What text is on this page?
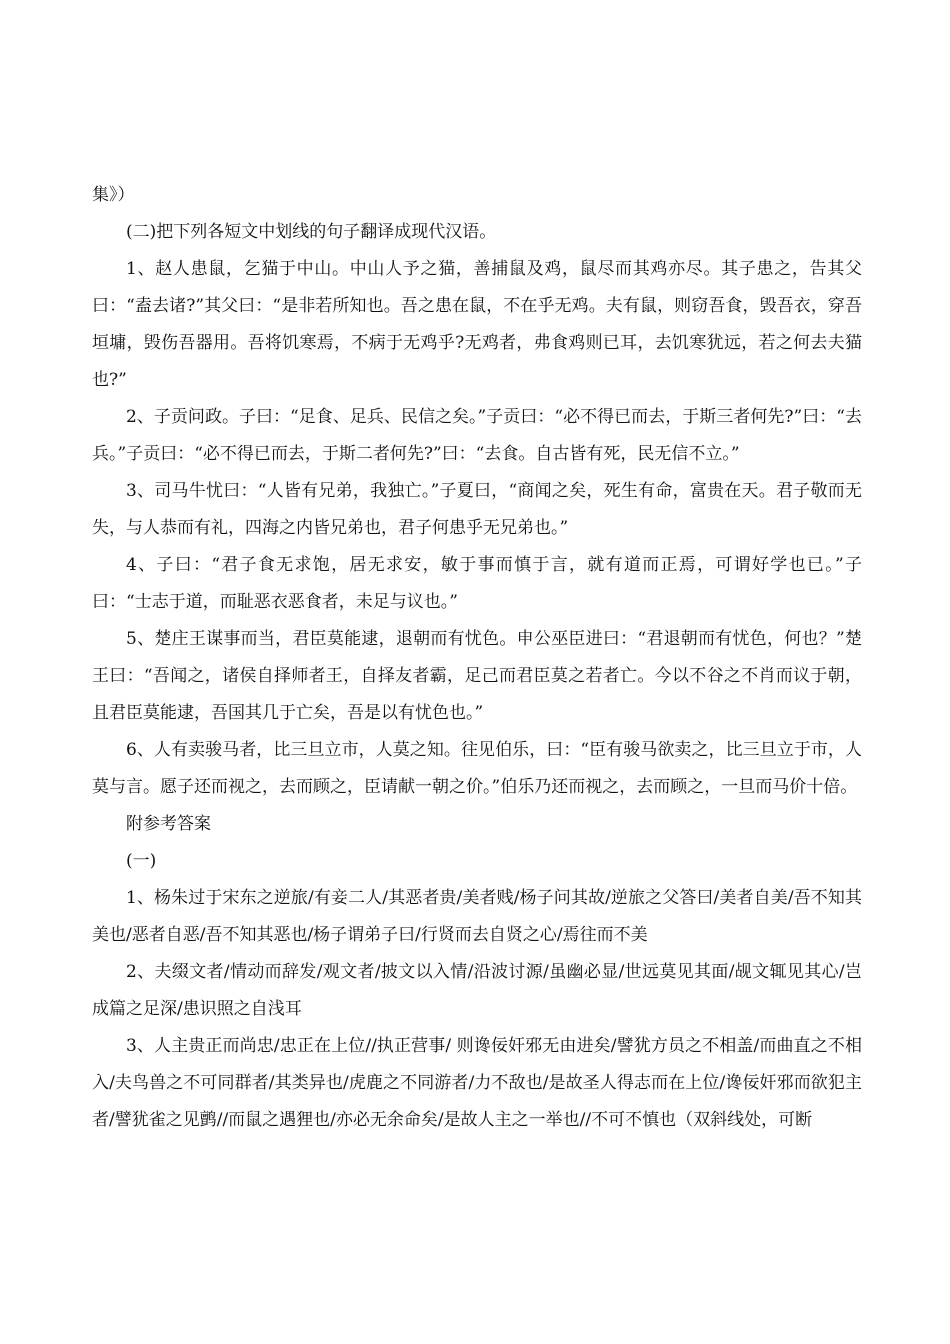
集》）

(二)把下列各短文中划线的句子翻译成现代汉语。

1、赵人患鼠，乞猫于中山。中山人予之猫，善捕鼠及鸡，鼠尽而其鸡亦尽。其子患之，告其父曰：“盍去诸?”其父曰：“是非若所知也。吾之患在鼠，不在乎无鸡。夫有鼠，则窃吾食，毁吾衣，穿吾垣墉，毁伤吾器用。吾将饥寒焉，不病于无鸡乎?无鸡者，弗食鸡则已耳，去饥寒犹远，若之何去夫猫也?”

2、子贡问政。子曰：“足食、足兵、民信之矣。”子贡曰：“必不得已而去，于斯三者何先?”曰：“去兵。”子贡曰：“必不得已而去，于斯二者何先?”曰：“去食。自古皆有死，民无信不立。”

3、司马牛忧曰：“人皆有兄弟，我独亡。”子夏曰，“商闻之矣，死生有命，富贵在天。君子敬而无失，与人恭而有礼，四海之内皆兄弟也，君子何患乎无兄弟也。”

4、子曰：“君子食无求饱，居无求安，敏于事而慎于言，就有道而正焉，可谓好学也已。”子曰：“士志于道，而耻恶衣恶食者，未足与议也。”

5、楚庄王谋事而当，君臣莫能逮，退朝而有忧色。申公巫臣进曰：“君退朝而有忧色，何也？”楚王曰：“吾闻之，诸侯自择师者王，自择友者霸，足己而君臣莫之若者亡。今以不谷之不肖而议于朝，且君臣莫能逮，吾国其几于亡矣，吾是以有忧色也。”

6、人有卖骏马者，比三旦立市，人莫之知。往见伯乐，曰：“臣有骏马欲卖之，比三旦立于市，人莫与言。愿子还而视之，去而顾之，臣请献一朝之价。”伯乐乃还而视之，去而顾之，一旦而马价十倍。

附参考答案

(一)

1、杨朱过于宋东之逆旅/有妾二人/其恶者贵/美者贱/杨子问其故/逆旅之父答曰/美者自美/吾不知其美也/恶者自恶/吾不知其恶也/杨子谓弟子曰/行贤而去自贤之心/焉往而不美

2、夫缀文者/情动而辞发/观文者/披文以入情/沿波讨源/虽幽必显/世远莫见其面/觇文辄见其心/岂成篇之足深/患识照之自浅耳

3、人主贵正而尚忠/忠正在上位//执正营事/ 则谗佞奸邪无由进矣/譬犹方员之不相盖/而曲直之不相入/夫鸟兽之不可同群者/其类异也/虎鹿之不同游者/力不敌也/是故圣人得志而在上位/谗佞奸邪而欲犯主者/譬犹雀之见鹯//而鼠之遇狸也/亦必无余命矣/是故人主之一举也//不可不慎也（双斜线处，可断
